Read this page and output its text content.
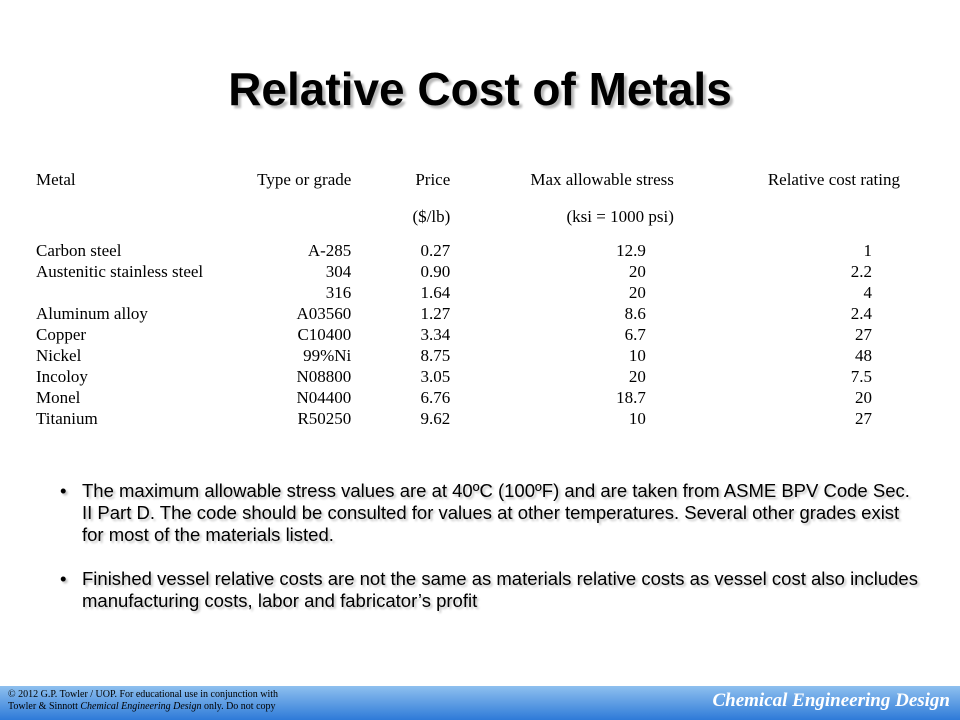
Relative Cost of Metals
Metal	Type or grade	Price	Max allowable stress	Relative cost rating
		($/lb)	(ksi = 1000 psi)	
Carbon steel	A-285	0.27	12.9	1
Austenitic stainless steel	304	0.90	20	2.2
	316	1.64	20	4
Aluminum alloy	A03560	1.27	8.6	2.4
Copper	C10400	3.34	6.7	27
Nickel	99%Ni	8.75	10	48
Incoloy	N08800	3.05	20	7.5
Monel	N04400	6.76	18.7	20
Titanium	R50250	9.62	10	27
• The maximum allowable stress values are at 40ºC (100ºF) and are taken from ASME BPV Code Sec. II Part D. The code should be consulted for values at other temperatures. Several other grades exist for most of the materials listed.
• Finished vessel relative costs are not the same as materials relative costs as vessel cost also includes manufacturing costs, labor and fabricator’s profit
© 2012 G.P. Towler / UOP. For educational use in conjunction with
Towler & Sinnott Chemical Engineering Design only. Do not copy	Chemical Engineering Design
